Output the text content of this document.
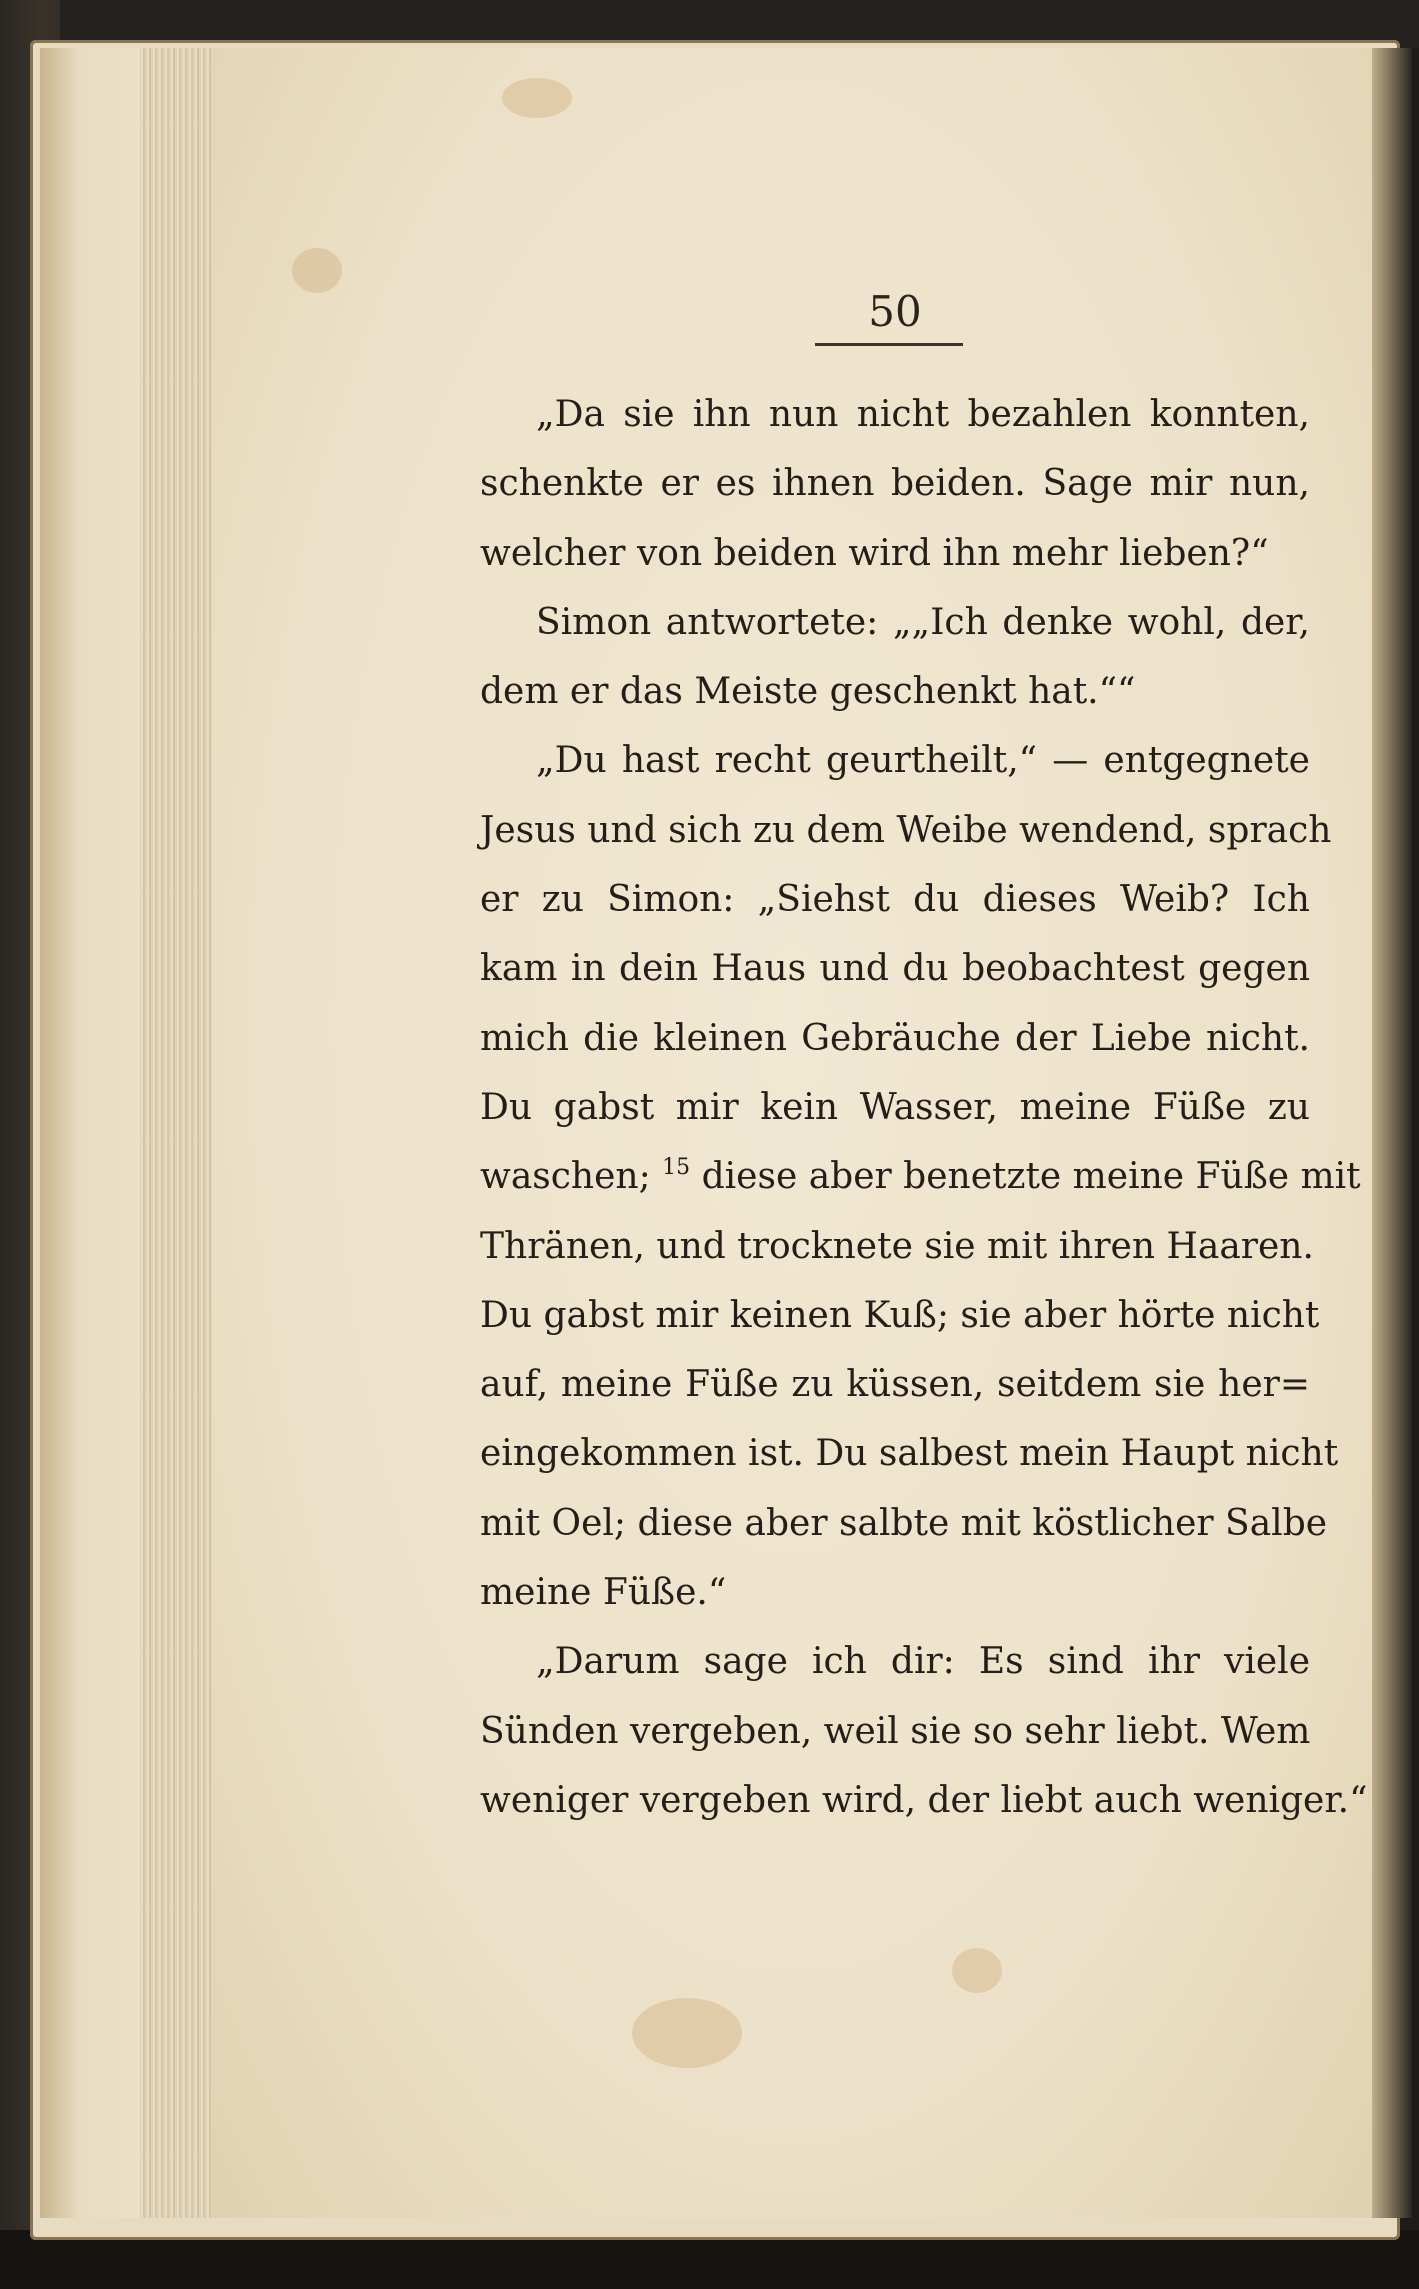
50
„Da sie ihn nun nicht bezahlen konnten,
schenkte er es ihnen beiden. Sage mir nun,
welcher von beiden wird ihn mehr lieben?“
Simon antwortete: „„Ich denke wohl, der,
dem er das Meiste geschenkt hat.““
„Du hast recht geurtheilt,“ — entgegnete
Jesus und sich zu dem Weibe wendend, sprach
er zu Simon: „Siehst du dieses Weib? Ich
kam in dein Haus und du beobachtest gegen
mich die kleinen Gebräuche der Liebe nicht.
Du gabst mir kein Wasser, meine Füße zu
waschen; $^{15}$ diese aber benetzte meine Füße mit
Thränen, und trocknete sie mit ihren Haaren.
Du gabst mir keinen Kuß; sie aber hörte nicht
auf, meine Füße zu küssen, seitdem sie her=
eingekommen ist. Du salbest mein Haupt nicht
mit Oel; diese aber salbte mit köstlicher Salbe
meine Füße.“
„Darum sage ich dir: Es sind ihr viele
Sünden vergeben, weil sie so sehr liebt. Wem
weniger vergeben wird, der liebt auch weniger.“
